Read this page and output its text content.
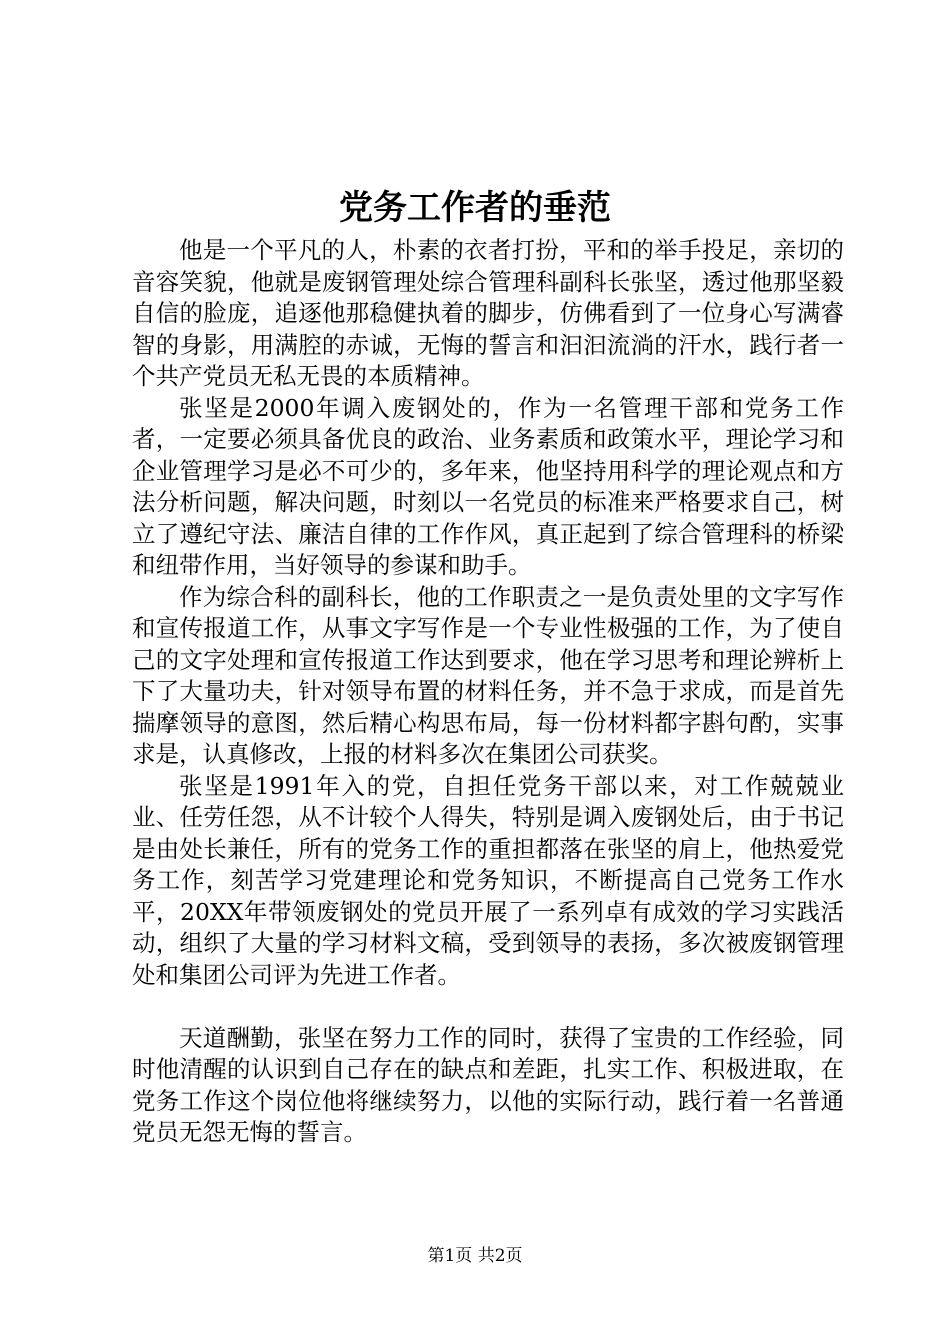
党务工作者的垂范

他是一个平凡的人，朴素的衣者打扮，平和的举手投足，亲切的音容笑貌，他就是废钢管理处综合管理科副科长张坚，透过他那坚毅自信的脸庞，追逐他那稳健执着的脚步，仿佛看到了一位身心写满睿智的身影，用满腔的赤诚，无悔的誓言和汩汩流淌的汗水，践行者一个共产党员无私无畏的本质精神。

张坚是2000年调入废钢处的，作为一名管理干部和党务工作者，一定要必须具备优良的政治、业务素质和政策水平，理论学习和企业管理学习是必不可少的，多年来，他坚持用科学的理论观点和方法分析问题，解决问题，时刻以一名党员的标准来严格要求自己，树立了遵纪守法、廉洁自律的工作作风，真正起到了综合管理科的桥梁和纽带作用，当好领导的参谋和助手。

作为综合科的副科长，他的工作职责之一是负责处里的文字写作和宣传报道工作，从事文字写作是一个专业性极强的工作，为了使自己的文字处理和宣传报道工作达到要求，他在学习思考和理论辨析上下了大量功夫，针对领导布置的材料任务，并不急于求成，而是首先揣摩领导的意图，然后精心构思布局，每一份材料都字斟句酌，实事求是，认真修改，上报的材料多次在集团公司获奖。

张坚是1991年入的党，自担任党务干部以来，对工作兢兢业业、任劳任怨，从不计较个人得失，特别是调入废钢处后，由于书记是由处长兼任，所有的党务工作的重担都落在张坚的肩上，他热爱党务工作，刻苦学习党建理论和党务知识，不断提高自己党务工作水平，20XX年带领废钢处的党员开展了一系列卓有成效的学习实践活动，组织了大量的学习材料文稿，受到领导的表扬，多次被废钢管理处和集团公司评为先进工作者。

天道酬勤，张坚在努力工作的同时，获得了宝贵的工作经验，同时他清醒的认识到自己存在的缺点和差距，扎实工作、积极进取，在党务工作这个岗位他将继续努力，以他的实际行动，践行着一名普通党员无怨无悔的誓言。

第1页 共2页
